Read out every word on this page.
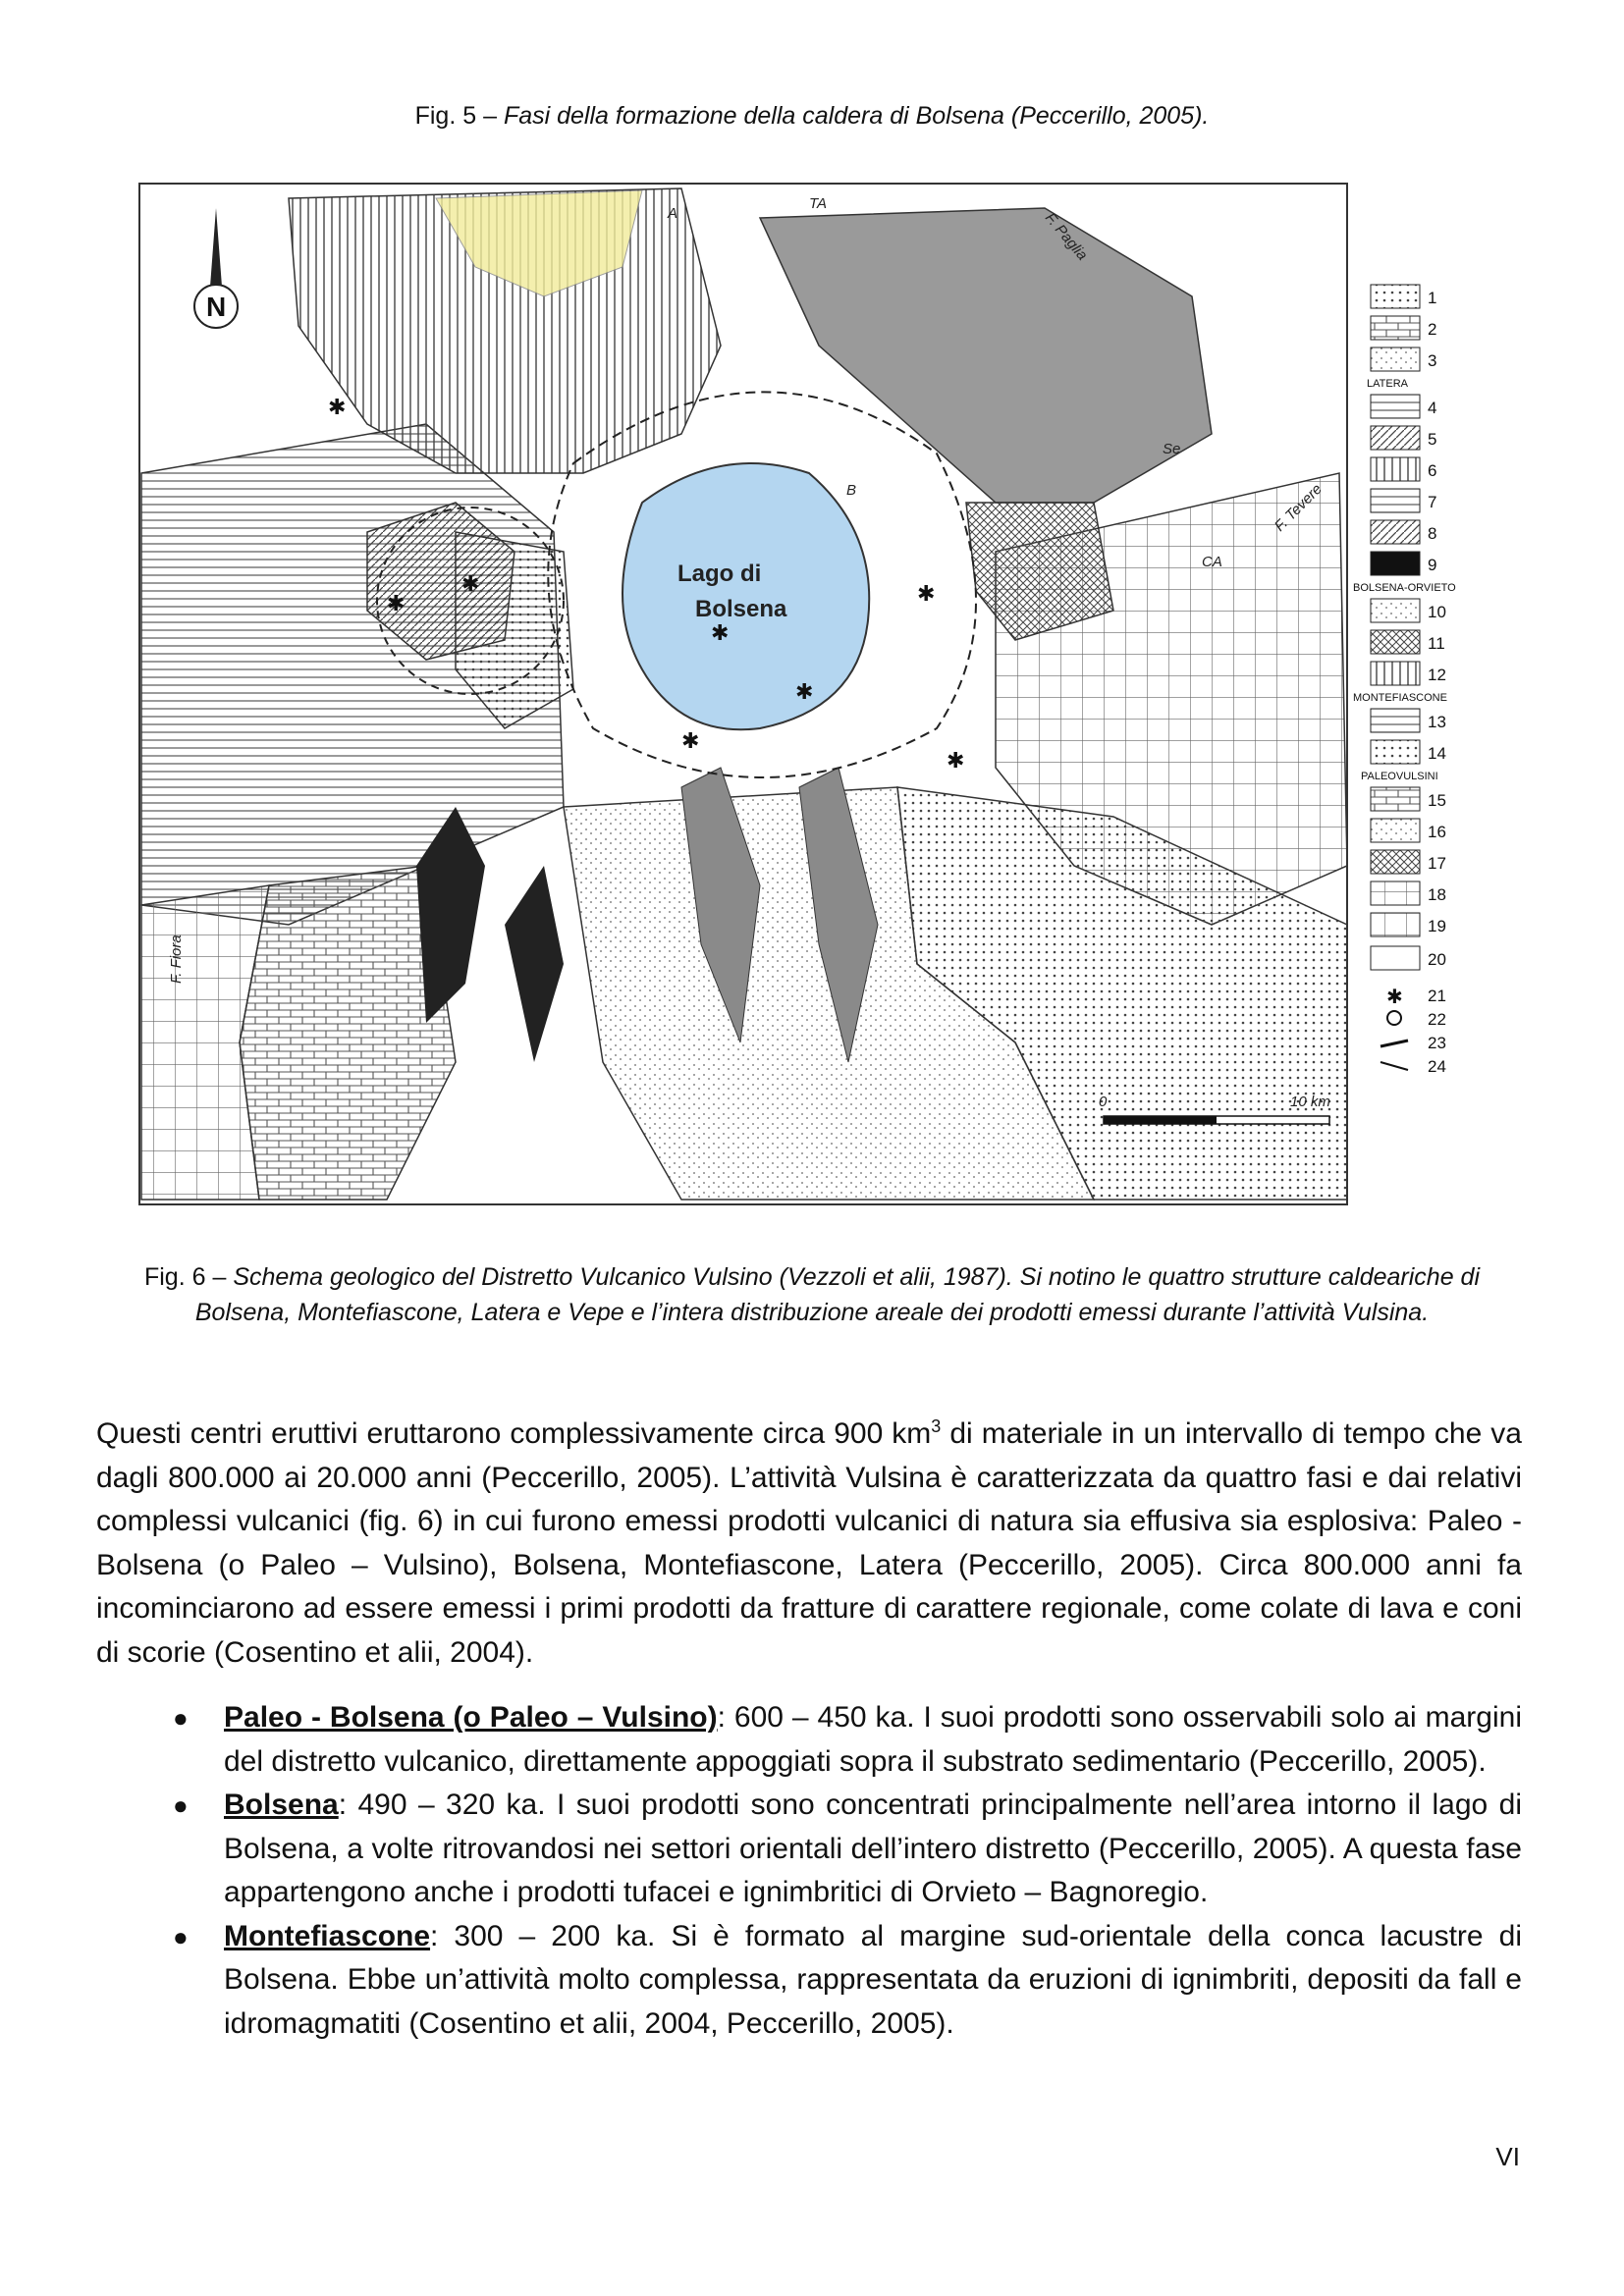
Fig. 5 – Fasi della formazione della caldera di Bolsena (Peccerillo, 2005).
Lago di
Bolsena
✱
✱
✱
✱
✱
✱
✱
✱
TA
F. Paglia
F. Tevere
F. Fiora
Se
CA
B
A
N
0	10 km
1
2
3
LATERA
4
5
6
7
8
9
BOLSENA-ORVIETO
10
11
12
MONTEFIASCONE
13
14
PALEOVULSINI
15
16
17
18
19
20
✱ 21
22
23
24
Fig. 6 – Schema geologico del Distretto Vulcanico Vulsino (Vezzoli et alii, 1987). Si notino le quattro strutture caldeariche di Bolsena, Montefiascone, Latera e Vepe e l’intera distribuzione areale dei prodotti emessi durante l’attività Vulsina.
Questi centri eruttivi eruttarono complessivamente circa 900 $km^3$ di materiale in un intervallo di tempo che va dagli 800.000 ai 20.000 anni (Peccerillo, 2005). L’attività Vulsina è caratterizzata da quattro fasi e dai relativi complessi vulcanici (fig. 6) in cui furono emessi prodotti vulcanici di natura sia effusiva sia esplosiva: Paleo - Bolsena (o Paleo – Vulsino), Bolsena, Montefiascone, Latera (Peccerillo, 2005). Circa 800.000 anni fa incominciarono ad essere emessi i primi prodotti da fratture di carattere regionale, come colate di lava e coni di scorie (Cosentino et alii, 2004).
● Paleo - Bolsena (o Paleo – Vulsino): 600 – 450 ka. I suoi prodotti sono osservabili solo ai margini del distretto vulcanico, direttamente appoggiati sopra il substrato sedimentario (Peccerillo, 2005).
● Bolsena: 490 – 320 ka. I suoi prodotti sono concentrati principalmente nell’area intorno il lago di Bolsena, a volte ritrovandosi nei settori orientali dell’intero distretto (Peccerillo, 2005). A questa fase appartengono anche i prodotti tufacei e ignimbritici di Orvieto – Bagnoregio.
● Montefiascone: 300 – 200 ka. Si è formato al margine sud-orientale della conca lacustre di Bolsena. Ebbe un’attività molto complessa, rappresentata da eruzioni di ignimbriti, depositi da fall e idromagmatiti (Cosentino et alii, 2004, Peccerillo, 2005).
VI
